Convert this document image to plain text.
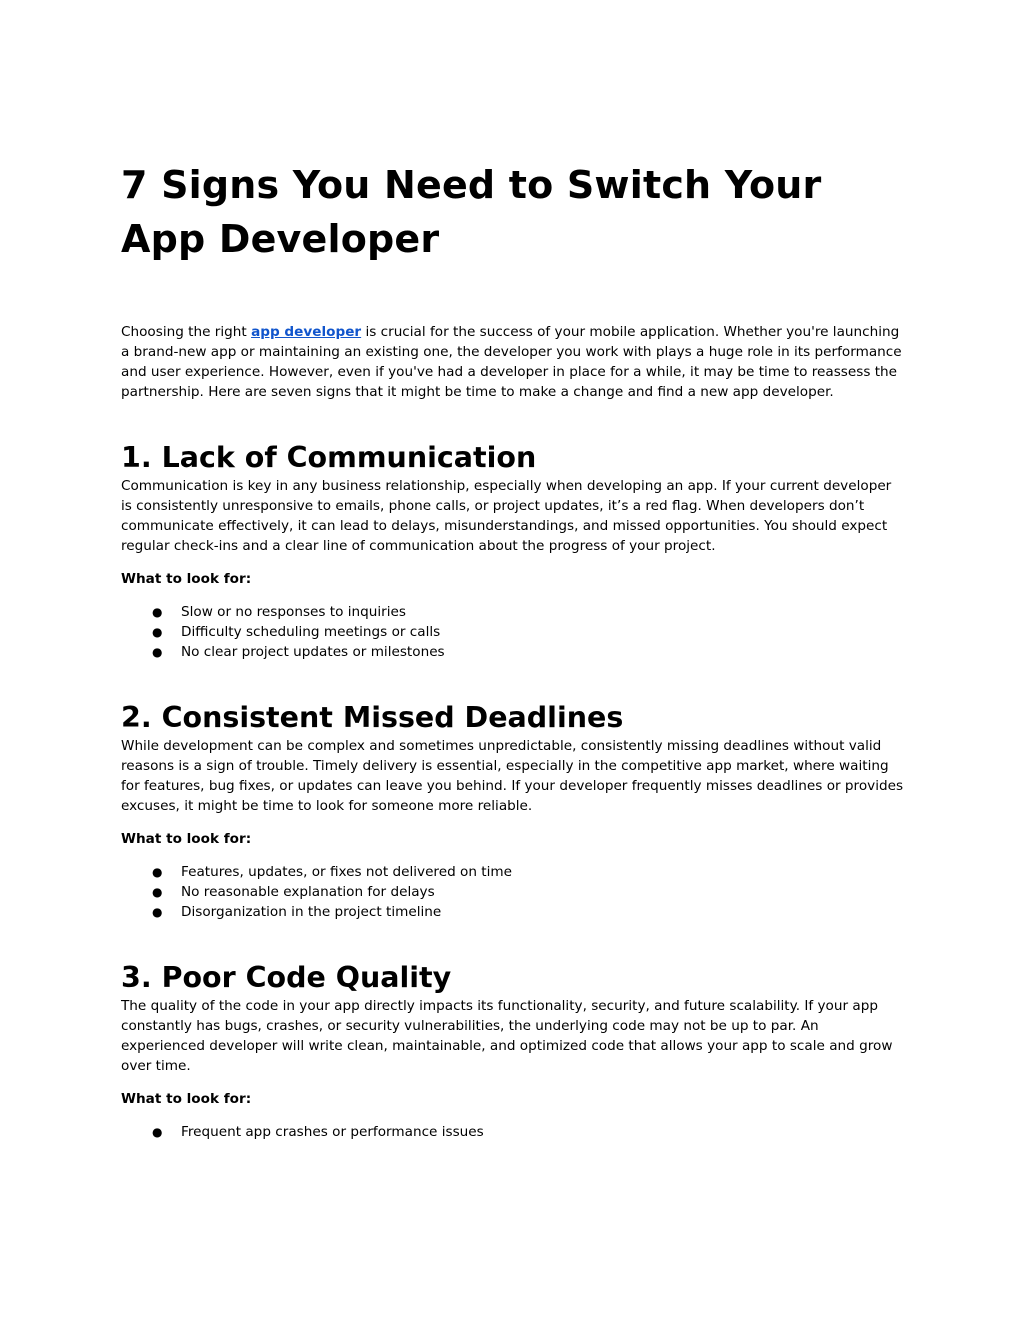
7 Signs You Need to Switch Your App Developer

Choosing the right app developer is crucial for the success of your mobile application. Whether you're launching a brand-new app or maintaining an existing one, the developer you work with plays a huge role in its performance and user experience. However, even if you've had a developer in place for a while, it may be time to reassess the partnership. Here are seven signs that it might be time to make a change and find a new app developer.

1. Lack of Communication

Communication is key in any business relationship, especially when developing an app. If your current developer is consistently unresponsive to emails, phone calls, or project updates, it’s a red flag. When developers don’t communicate effectively, it can lead to delays, misunderstandings, and missed opportunities. You should expect regular check-ins and a clear line of communication about the progress of your project.

What to look for:

● Slow or no responses to inquiries
● Difficulty scheduling meetings or calls
● No clear project updates or milestones
2. Consistent Missed Deadlines

While development can be complex and sometimes unpredictable, consistently missing deadlines without valid reasons is a sign of trouble. Timely delivery is essential, especially in the competitive app market, where waiting for features, bug fixes, or updates can leave you behind. If your developer frequently misses deadlines or provides excuses, it might be time to look for someone more reliable.

What to look for:

● Features, updates, or fixes not delivered on time
● No reasonable explanation for delays
● Disorganization in the project timeline
3. Poor Code Quality

The quality of the code in your app directly impacts its functionality, security, and future scalability. If your app constantly has bugs, crashes, or security vulnerabilities, the underlying code may not be up to par. An experienced developer will write clean, maintainable, and optimized code that allows your app to scale and grow over time.

What to look for:

● Frequent app crashes or performance issues
